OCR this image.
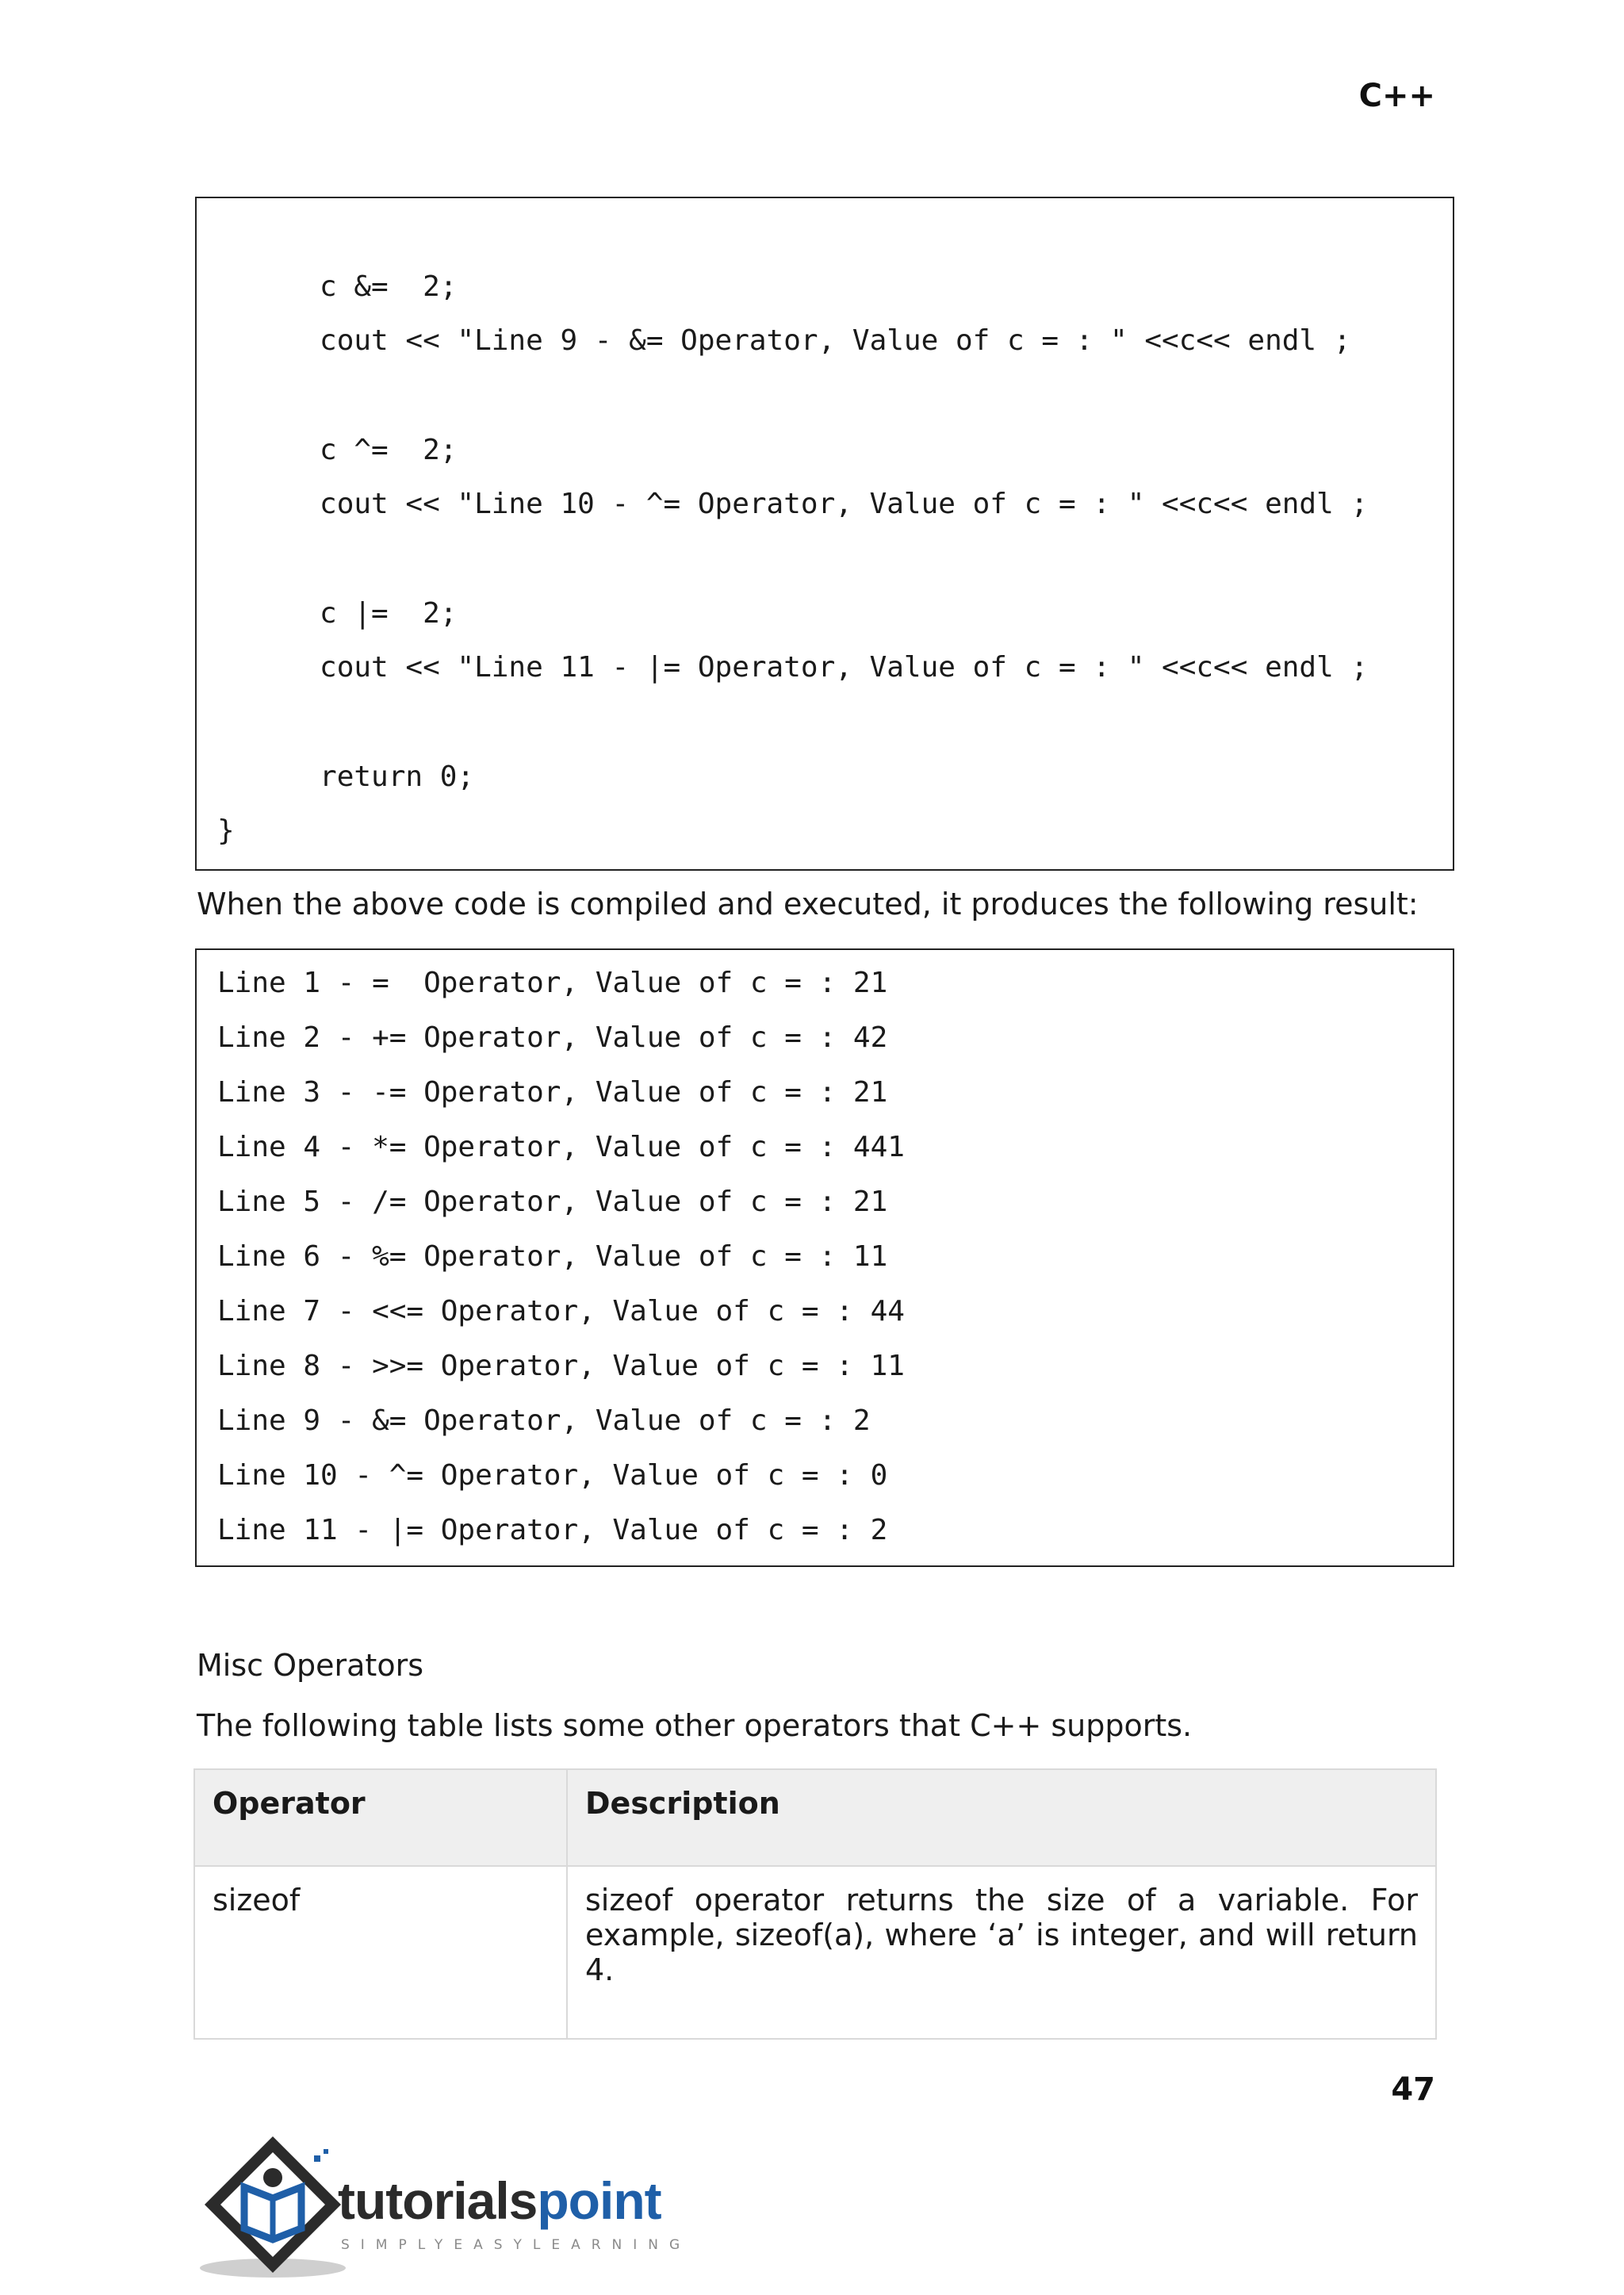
C++
c &=  2;
cout << "Line 9 - &= Operator, Value of c = : " <<c<< endl ;
c ^=  2;
cout << "Line 10 - ^= Operator, Value of c = : " <<c<< endl ;
c |=  2;
cout << "Line 11 - |= Operator, Value of c = : " <<c<< endl ;
return 0;
}
When the above code is compiled and executed, it produces the following result:
Line 1 - =  Operator, Value of c = : 21
Line 2 - += Operator, Value of c = : 42
Line 3 - -= Operator, Value of c = : 21
Line 4 - *= Operator, Value of c = : 441
Line 5 - /= Operator, Value of c = : 21
Line 6 - %= Operator, Value of c = : 11
Line 7 - <<= Operator, Value of c = : 44
Line 8 - >>= Operator, Value of c = : 11
Line 9 - &= Operator, Value of c = : 2
Line 10 - ^= Operator, Value of c = : 0
Line 11 - |= Operator, Value of c = : 2
Misc Operators
The following table lists some other operators that C++ supports.
Operator	Description
sizeof	sizeof operator returns the size of a variable. For example, sizeof(a), where ‘a’ is integer, and will return 4.
47
tutorialspoint
SIMPLYEASYLEARNING
